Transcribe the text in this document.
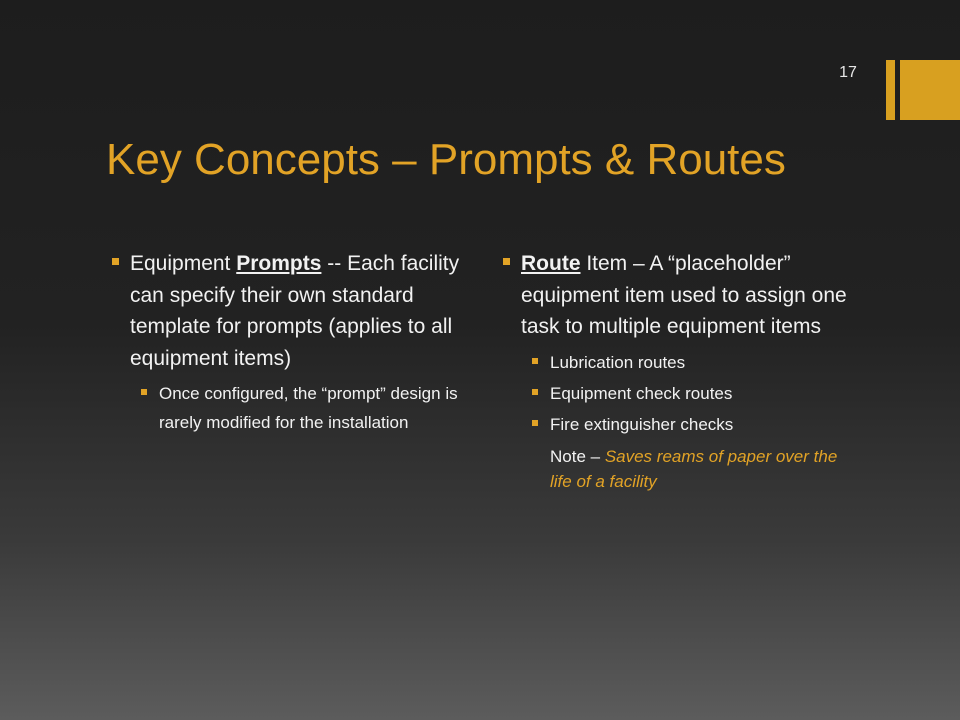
17
Key Concepts – Prompts & Routes
Equipment Prompts -- Each facility can specify their own standard template for prompts (applies to all equipment items)
Once configured, the “prompt” design is rarely modified for the installation
Route Item – A “placeholder” equipment item used to assign one task to multiple equipment items
Lubrication routes
Equipment check routes
Fire extinguisher checks
Note – Saves reams of paper over the life of a facility
